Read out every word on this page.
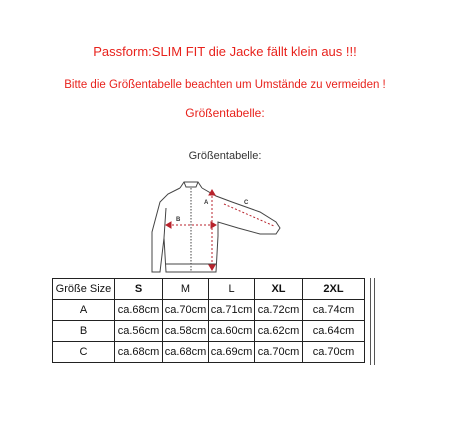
Passform:SLIM FIT die Jacke fällt klein aus !!!
Bitte die Größentabelle beachten um Umstände zu vermeiden !
Größentabelle:
Größentabelle:
A
B
C
Größe Size	S	M	L	XL	2XL
A	ca.68cm	ca.70cm	ca.71cm	ca.72cm	ca.74cm
B	ca.56cm	ca.58cm	ca.60cm	ca.62cm	ca.64cm
C	ca.68cm	ca.68cm	ca.69cm	ca.70cm	ca.70cm
